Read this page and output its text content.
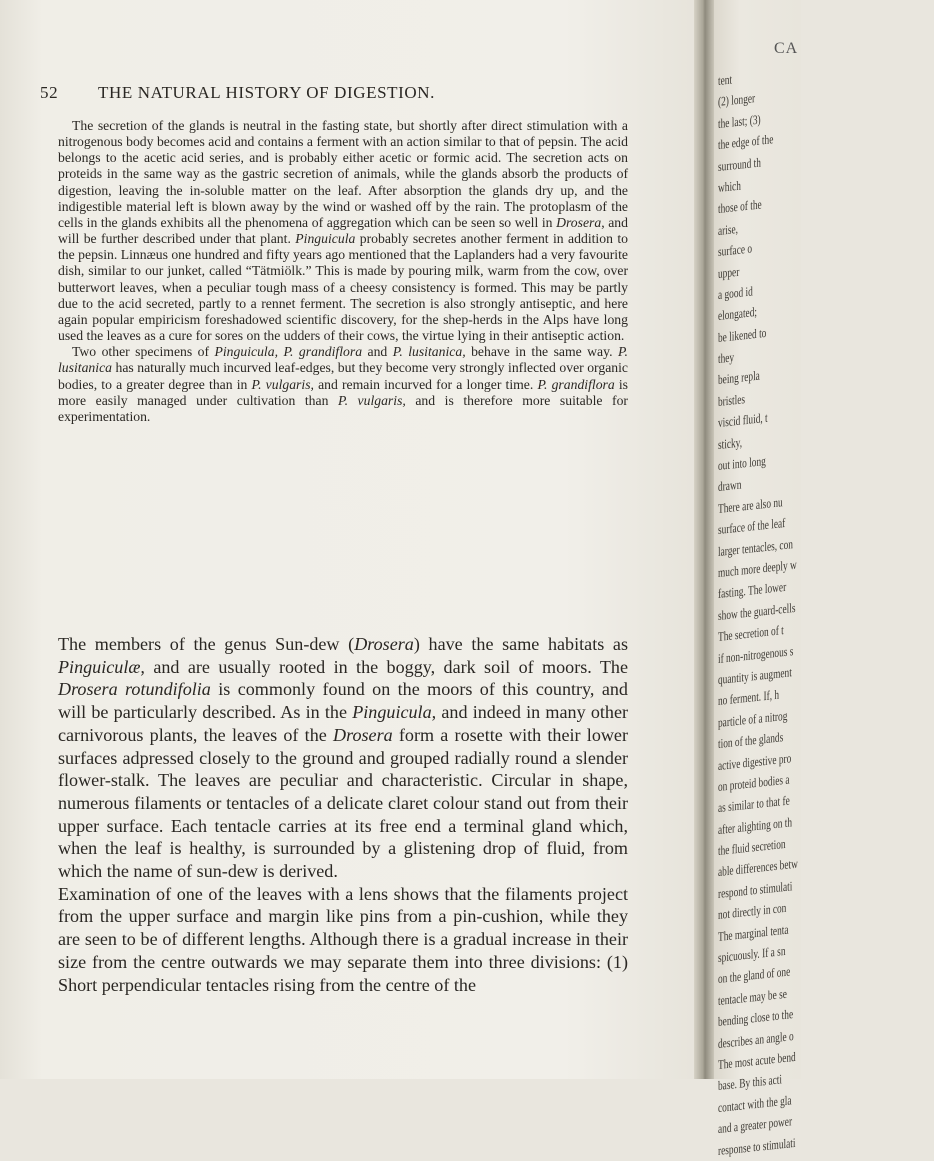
52 THE NATURAL HISTORY OF DIGESTION.

The secretion of the glands is neutral in the fasting state, but shortly after direct stimulation with a nitrogenous body becomes acid and contains a ferment with an action similar to that of pepsin. The acid belongs to the acetic acid series, and is probably either acetic or formic acid. The secretion acts on proteids in the same way as the gastric secretion of animals, while the glands absorb the products of digestion, leaving the in-soluble matter on the leaf. After absorption the glands dry up, and the indigestible material left is blown away by the wind or washed off by the rain. The protoplasm of the cells in the glands exhibits all the phenomena of aggregation which can be seen so well in Drosera, and will be further described under that plant. Pinguicula probably secretes another ferment in addition to the pepsin. Linnæus one hundred and fifty years ago mentioned that the Laplanders had a very favourite dish, similar to our junket, called “Tätmiölk.” This is made by pouring milk, warm from the cow, over butterwort leaves, when a peculiar tough mass of a cheesy consistency is formed. This may be partly due to the acid secreted, partly to a rennet ferment. The secretion is also strongly antiseptic, and here again popular empiricism foreshadowed scientific discovery, for the shep-herds in the Alps have long used the leaves as a cure for sores on the udders of their cows, the virtue lying in their antiseptic action.

Two other specimens of Pinguicula, P. grandiflora and P. lusitanica, behave in the same way. P. lusitanica has naturally much incurved leaf-edges, but they become very strongly inflected over organic bodies, to a greater degree than in P. vulgaris, and remain incurved for a longer time. P. grandiflora is more easily managed under cultivation than P. vulgaris, and is therefore more suitable for experimentation.

The members of the genus Sun-dew (Drosera) have the same habitats as Pinguiculæ, and are usually rooted in the boggy, dark soil of moors. The Drosera rotundifolia is commonly found on the moors of this country, and will be particularly described. As in the Pinguicula, and indeed in many other carnivorous plants, the leaves of the Drosera form a rosette with their lower surfaces adpressed closely to the ground and grouped radially round a slender flower-stalk. The leaves are peculiar and characteristic. Circular in shape, numerous filaments or tentacles of a delicate claret colour stand out from their upper surface. Each tentacle carries at its free end a terminal gland which, when the leaf is healthy, is surrounded by a glistening drop of fluid, from which the name of sun-dew is derived.

Examination of one of the leaves with a lens shows that the filaments project from the upper surface and margin like pins from a pin-cushion, while they are seen to be of different lengths. Although there is a gradual increase in their size from the centre outwards we may separate them into three divisions: (1) Short perpendicular tentacles rising from the centre of the

CA
tent
(2) longer
the last; (3)
the edge of the
surround th
which
those of the
arise,
surface o
upper
a good id
elongated;
be likened to
they
being repla
bristles
viscid fluid, t
sticky,
out into long
drawn
There are also nu
surface of the leaf
larger tentacles, con
much more deeply w
fasting. The lower
show the guard-cells
The secretion of t
if non-nitrogenous s
quantity is augment
no ferment. If, h
particle of a nitrog
tion of the glands
active digestive pro
on proteid bodies a
as similar to that fe
after alighting on th
the fluid secretion
able differences betw
respond to stimulati
not directly in con
The marginal tenta
spicuously. If a sn
on the gland of one
tentacle may be se
bending close to the
describes an angle o
The most acute bend
base. By this acti
contact with the gla
and a greater power
response to stimulati
